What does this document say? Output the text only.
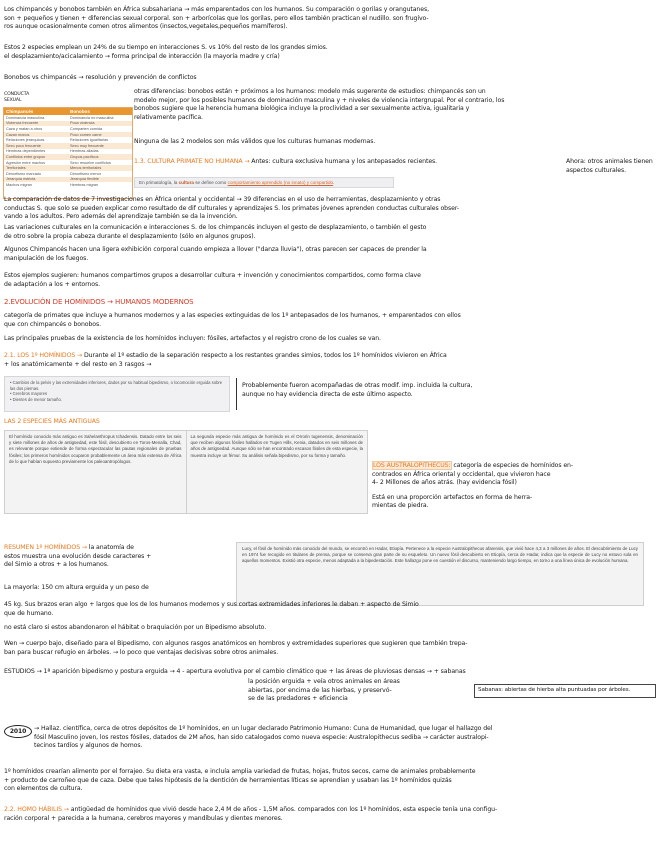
Los chimpancés y bonobos también en África subsahariana → más emparentados con los humanos. Su comparación o gorilas y orangutanes,
son + pequeños y tienen + diferencias sexual corporal. son + arborícolas que los gorilas, pero ellos también practican el nudillo. son frugívo-
ros aunque ocasionalmente comen otros alimentos (insectos,vegetales,pequeños mamíferos).
Estos 2 especies emplean un 24% de su tiempo en interacciones S. vs 10% del resto de los grandes simios.
el desplazamiento/acicalamiento → forma principal de interacción (la mayoría madre y cría)
Bonobos vs chimpancés → resolución y prevención de conflictos
CONDUCTA SEXUAL
Chimpancés	Bonobos
Dominancia masculina	Dominancia no masculina
Violencia frecuente	Poca violencia
Caza y matan a otros	Comparten comida
Cazan monos	Poco comen carne
Relaciones jerárquicas	Relaciones igualitarias
Sexo poco frecuente	Sexo muy frecuente
Hembras dependientes	Hembras aliadas
Conflictos entre grupos	Grupos pacíficos
Agresión entre machos	Sexo resuelve conflictos
Territoriales	Menos territoriales
Dimorfismo marcado	Dimorfismo menor
Jerarquía estricta	Jerarquía flexible
Machos migran	Hembras migran
otras diferencias: bonobos están + próximos a los humanos: modelo más sugerente de estudios: chimpancés son un
modelo mejor, por los posibles humanos de dominación masculina y + niveles de violencia intergrupal. Por el contrario, los
bonobos sugiere que la herencia humana biológica incluye la proclividad a ser sexualmente activa, igualitaria y
relativamente pacífica.
Ninguna de las 2 modelos son más válidos que los culturas humanas modernas.
1.3. CULTURA PRIMATE NO HUMANA → Antes: cultura exclusiva humana y los antepasados recientes.	Ahora: otros animales tienen aspectos culturales.
En primatología, la cultura se define como comportamiento aprendido (no innato) y compartido.
La comparación de datos de 7 investigaciones en África oriental y occidental → 39 diferencias en el uso de herramientas, desplazamiento y otras
conductas S. que solo se pueden explicar como resultado de dif culturales y aprendizajes S. los primates jóvenes aprenden conductas culturales obser-
vando a los adultos. Pero además del aprendizaje también se da la invención.
Las variaciones culturales en la comunicación e interacciones S. de los chimpancés incluyen el gesto de desplazamiento, o también el gesto
de otro sobre la propia cabeza durante el desplazamiento (sólo en algunos grupos).
Algunos Chimpancés hacen una ligera exhibición corporal cuando empieza a llover ("danza lluvia"), otras parecen ser capaces de prender la
manipulación de los fuegos.
Estos ejemplos sugieren: humanos compartimos grupos a desarrollar cultura + invención y conocimientos compartidos, como forma clave
de adaptación a los + entornos.
2.EVOLUCIÓN DE HOMÍNIDOS → HUMANOS MODERNOS
categoría de primates que incluye a humanos modernos y a las especies extinguidas de los 1º antepasados de los humanos, + emparentados con ellos
que con chimpancés o bonobos.
Las principales pruebas de la existencia de los homínidos incluyen: fósiles, artefactos y el registro crono de los cuales se van.
2.1. LOS 1º HOMÍNIDOS → Durante el 1º estadio de la separación respecto a los restantes grandes simios, todos los 1º homínidos vivieron en África
+ los anatómicamente + del resto en 3 rasgos →
• Cambios de la pelvis y las extremidades inferiores, dados por su habitual bipedismo, o locomoción erguida sobre las dos piernas.
• Cerebros mayores
• Dientes de menor tamaño.
Probablemente fueron acompañadas de otras modif. imp. incluida la cultura,
aunque no hay evidencia directa de este último aspecto.
LAS 2 ESPECIES MÁS ANTIGUAS
El homínido conocido más antiguo es Sahelanthropus tchadensis. Datado entre los seis y siete millones de años de antigüedad, este fósil, descubierto en Toros-Menalla, Chad, es relevante porque extiende de forma espectacular las pautas regionales de pruebas fósiles; los primeros homínidos ocuparon probablemente un área más extensa de África de lo que habían supuesto previamente los paleoantropólogos.
La segunda especie más antigua de homínido es el Orrorin tugenensis, denominación que reciben algunos fósiles hallados en Tugen Hills, Kenia, datados en seis millones de años de antigüedad. Aunque sólo se han encontrado escasos fósiles de esta especie, la muestra incluye un fémur. Su análisis señala bipedismo, por su forma y tamaño.
LOS AUSTRALOPITHECUS: categoría de especies de homínidos en-
contrados en África oriental y occidental, que vivieron hace
4- 2 Millones de años atrás. (hay evidencia fósil)
Está en una proporción artefactos en forma de herra-
mientas de piedra.
RESUMEN 1º HOMÍNIDOS → la anatomía de
estos muestra una evolución desde caracteres +
del Simio a otros + a los humanos.
Lucy, el fósil de homínido más conocido del mundo, se encontró en Hadar, Etiopía. Pertenece a la especie Australopithecus afarensis, que vivió hace 4,3 a 3 millones de años. El descubrimiento de Lucy en 1974 fue recogido en titulares de prensa, porque se conserva gran parte de su esqueleto. Un nuevo fósil descubierto en Etiopía, cerca de Hadar, indica que la especie de Lucy no estuvo sola en aquellos momentos. Existió otra especie, menos adaptada a la bipedestación. Este hallazgo pone en cuestión el discurso, manteniendo largo tiempo, en torno a una línea única de evolución humana.
La mayoría: 150 cm altura erguida y un peso de
45 kg. Sus brazos eran algo + largos que los de los humanos modernos y sus cortas extremidades inferiores le daban + aspecto de Simio
que de humano.
no está claro si estos abandonaron el hábitat o braquiación por un Bipedismo absoluto.
Wen → cuerpo bajo, diseñado para el Bipedismo, con algunos rasgos anatómicos en hombros y extremidades superiores que sugieren que también trepa-
ban para buscar refugio en árboles. → lo poco que ventajas decisivas sobre otros animales.
ESTUDIOS → 1ª aparición bipedismo y postura erguida → 4 - apertura evolutiva por el cambio climático que + las áreas de pluviosas densas → + sabanas
la posición erguida + veía otros animales en áreas
abiertas, por encima de las hierbas, y preservó-
se de las predadores + eficiencia
Sabanas: abiertas de hierba alta puntuadas por árboles.
2010	→ Hallaz. científica, cerca de otros depósitos de 1º homínidos, en un lugar declarado Patrimonio Humano: Cuna de Humanidad, que lugar el hallazgo del
fósil Masculino joven, los restos fósiles, datados de 2M años, han sido catalogados como nueva especie: Australopithecus sediba → carácter australopi-
tecinos tardíos y algunos de homos.
1º homínidos crearían alimento por el forrajeo. Su dieta era vasta, e incluía amplia variedad de frutas, hojas, frutos secos, carne de animales probablemente
+ producto de carroñeo que de caza. Debe que tales hipótesis de la dentición de herramientas líticas se aprendían y usaban las 1º homínidos quizás
con elementos de cultura.
2.2. HOMO HÁBILIS → antigüedad de homínidos que vivió desde hace 2,4 M de años - 1,5M años. comparados con los 1º homínidos, esta especie tenía una configu-
ración corporal + parecida a la humana, cerebros mayores y mandíbulas y dientes menores.
